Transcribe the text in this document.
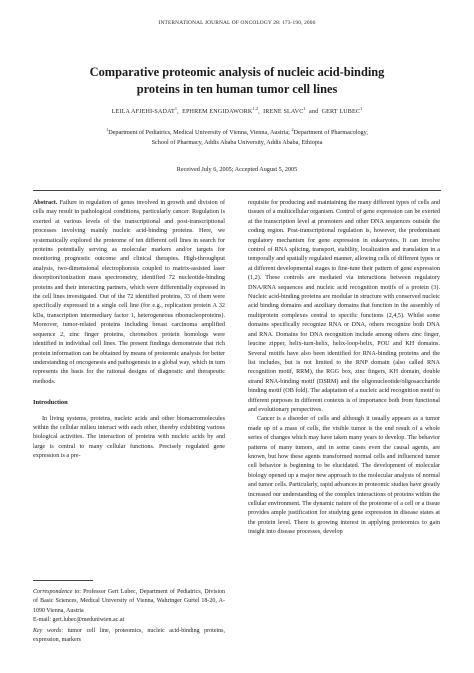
INTERNATIONAL JOURNAL OF ONCOLOGY 28: 173-190, 2006
Comparative proteomic analysis of nucleic acid-binding
proteins in ten human tumor cell lines
LEILA AFJEHI-SADAT$^1$,  EPHREM ENGIDAWORK$^{1,2}$,  IRENE SLAVC$^1$  and  GERT LUBEC$^1$
$^1$Department of Pediatrics, Medical University of Vienna, Vienna, Austria; $^2$Department of Pharmacology,
School of Pharmacy, Addis Ababa University, Addis Ababa, Ethiopia
Received July 6, 2005; Accepted August 5, 2005

Abstract. Failure in regulation of genes involved in growth and division of cells may result in pathological conditions, particularly cancer. Regulation is exerted at various levels of the transcriptional and post-transcriptional processes involving mainly nucleic acid-binding proteins. Here, we systematically explored the proteome of ten different cell lines in search for proteins potentially serving as molecular markers and/or targets for monitoring prognostic outcome and clinical therapies. High-throughput analysis, two-dimensional electrophoresis coupled to matrix-assisted laser desorption/ionization mass spectrometry, identified 72 nucleotide-binding proteins and their interacting partners, which were differentially expressed in the cell lines investigated. Out of the 72 identified proteins, 33 of them were specifically expressed in a single cell line (for e.g., replication protein A 32 kDa, transcription intermediary factor 1, heterogeneous ribonucleoproteins). Moreover, tumor-related proteins including breast carcinoma amplified sequence 2, zinc finger proteins, chromobox protein homologs were identified in individual cell lines. The present findings demonstrate that rich protein information can be obtained by means of proteomic analysis for better understanding of oncogenesis and pathogenesis in a global way, which in turn represents the basis for the rational designs of diagnostic and therapeutic methods.

Introduction

In living systems, proteins, nucleic acids and other biomacromolecules within the cellular milieu interact with each other, thereby exhibiting various biological activities. The interaction of proteins with nucleic acids by and large is central to many cellular functions. Precisely regulated gene expression is a pre-

requisite for producing and maintaining the many different types of cells and tissues of a multicellular organism. Control of gene expression can be exerted at the transcription level at promoters and other DNA sequences outside the coding region. Post-transcriptional regulation is, however, the predominant regulatory mechanism for gene expression in eukaryotes. It can involve control of RNA splicing, transport, stability, localization and translation in a temporally and spatially regulated manner, allowing cells of different types or at different developmental stages to fine-tune their pattern of gene expression (1,2). These controls are mediated via interactions between regulatory DNA/RNA sequences and nucleic acid recognition motifs of a protein (3). Nucleic acid-binding proteins are modular in structure with conserved nucleic acid binding domains and auxiliary domains that function in the assembly of multiprotein complexes central to specific functions (2,4,5). Whilst some domains specifically recognize RNA or DNA, others recognize both DNA and RNA. Domains for DNA recognition include among others zinc finger, leucine zipper, helix-turn-helix, helix-loop-helix, POU and KH domains. Several motifs have also been identified for RNA-binding proteins and the list includes, but is not limited to the RNP domain (also called RNA recognition motif, RRM), the RGG box, zinc fingers, KH domain, double strand RNA-binding motif (DSRM) and the oligonucleotide/oligosaccharide binding motif (OB fold). The adaptation of a nucleic acid recognition motif to different purposes in different contexts is of importance both from functional and evolutionary perspectives.

Cancer is a disorder of cells and although it usually appears as a tumor made up of a mass of cells, the visible tumor is the end result of a whole series of changes which may have taken many years to develop. The behavior patterns of many tumors, and in some cases even the causal agents, are known, but how these agents transformed normal cells and influenced tumor cell behavior is beginning to be elucidated. The development of molecular biology opened up a major new approach to the molecular analysis of normal and tumor cells. Particularly, rapid advances in proteomic studies have greatly increased our understanding of the complex interactions of proteins within the cellular environment. The dynamic nature of the proteome of a cell or a tissue provides ample justification for studying gene expression in disease states at the protein level. There is growing interest in applying proteomics to gain insight into disease processes, develop

Correspondence to: Professor Gert Lubec, Department of Pediatrics, Division of Basic Sciences, Medical University of Vienna, Wahringer Gurtel 18-20, A-1090 Vienna, Austria
E-mail: gert.lubec@meduniwien.ac.at
Key words: tumor cell line, proteomics, nucleic acid-binding proteins, expression, markers
